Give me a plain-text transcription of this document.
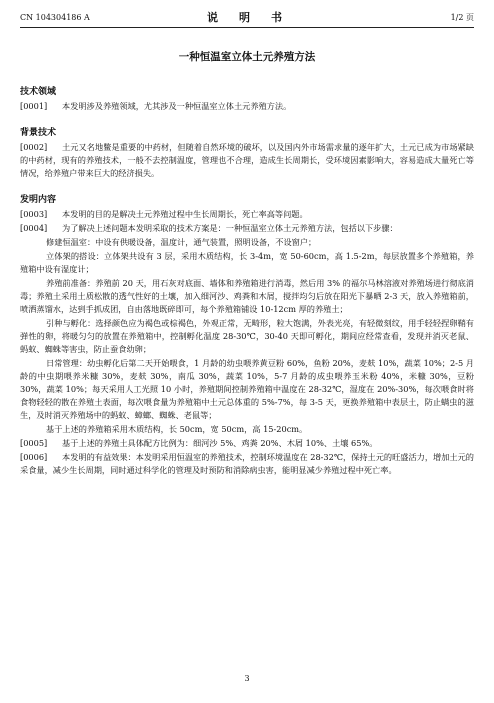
CN 104304186 A	说　明　书	1/2 页
一种恒温室立体土元养殖方法
技术领域

[0001] 本发明涉及养殖领域，尤其涉及一种恒温室立体土元养殖方法。

背景技术

[0002] 土元又名地鳖是重要的中药材，但随着自然环境的破坏，以及国内外市场需求量的逐年扩大，土元已成为市场紧缺的中药材，现有的养殖技术，一般不去控制温度，管理也不合理，造成生长周期长，受环境因素影响大，容易造成大量死亡等情况，给养殖户带来巨大的经济损失。

发明内容

[0003] 本发明的目的是解决土元养殖过程中生长周期长，死亡率高等问题。

[0004] 为了解决上述问题本发明采取的技术方案是：一种恒温室立体土元养殖方法，包括以下步骤：

修建恒温室：中设有供暖设备，温度计，通气装置，照明设备，不设窗户；

立体架的搭设：立体架共设有 3 层，采用木质结构，长 3-4m，宽 50-60cm，高 1.5-2m，每层放置多个养殖箱，养殖箱中设有湿度计；

养殖前准备：养殖前 20 天，用石灰对底面、墙体和养殖箱进行消毒，然后用 3% 的福尔马林溶液对养殖场进行彻底消毒；养殖土采用土质松散的透气性好的土壤，加入细河沙、鸡粪和木屑，搅拌均匀后放在阳光下暴晒 2-3 天，放入养殖箱前，喷洒蒸馏水，达到手抓成团，自由落地既碎即可，每个养殖箱铺设 10-12cm 厚的养殖土；

引种与孵化：选择颜色应为褐色或棕褐色，外观正常，无畸形，粒大饱满，外表光亮，有轻微刻纹，用手轻轻捏卵鞘有弹性的卵，将暖匀匀的放置在养殖箱中，控制孵化温度 28-30℃，30-40 天即可孵化，期间应经常查看，发现并消灭老鼠、蚂蚁、蜘蛛等害虫，防止蚕食幼卵；

日常管理：幼虫孵化后第二天开始喂食，1 月龄的幼虫喂养黄豆粉 60%，鱼粉 20%，麦麸 10%，蔬菜 10%；2-5 月龄的中虫期喂养米糠 30%，麦麸 30%，南瓜 30%，蔬菜 10%，5-7 月龄的成虫喂养玉米粉 40%，米糠 30%，豆粉 30%，蔬菜 10%；每天采用人工光照 10 小时，养殖期间控制养殖箱中温度在 28-32℃，湿度在 20%-30%，每次喂食时将食物轻轻的散在养殖土表面，每次喂食量为养殖箱中土元总体重的 5%-7%，每 3-5 天，更换养殖箱中表层土，防止螨虫的滋生，及时消灭养殖场中的蚂蚁、蟑螂、蜘蛛、老鼠等；

基于上述的养殖箱采用木质结构，长 50cm，宽 50cm，高 15-20cm。

[0005] 基于上述的养殖土具体配方比例为：细河沙 5%、鸡粪 20%、木屑 10%、土壤 65%。

[0006] 本发明的有益效果：本发明采用恒温室的养殖技术，控制环境温度在 28-32℃，保持土元的旺盛活力，增加土元的采食量，减少生长周期，同时通过科学化的管理及时预防和消除病虫害，能明显减少养殖过程中死亡率。

3
